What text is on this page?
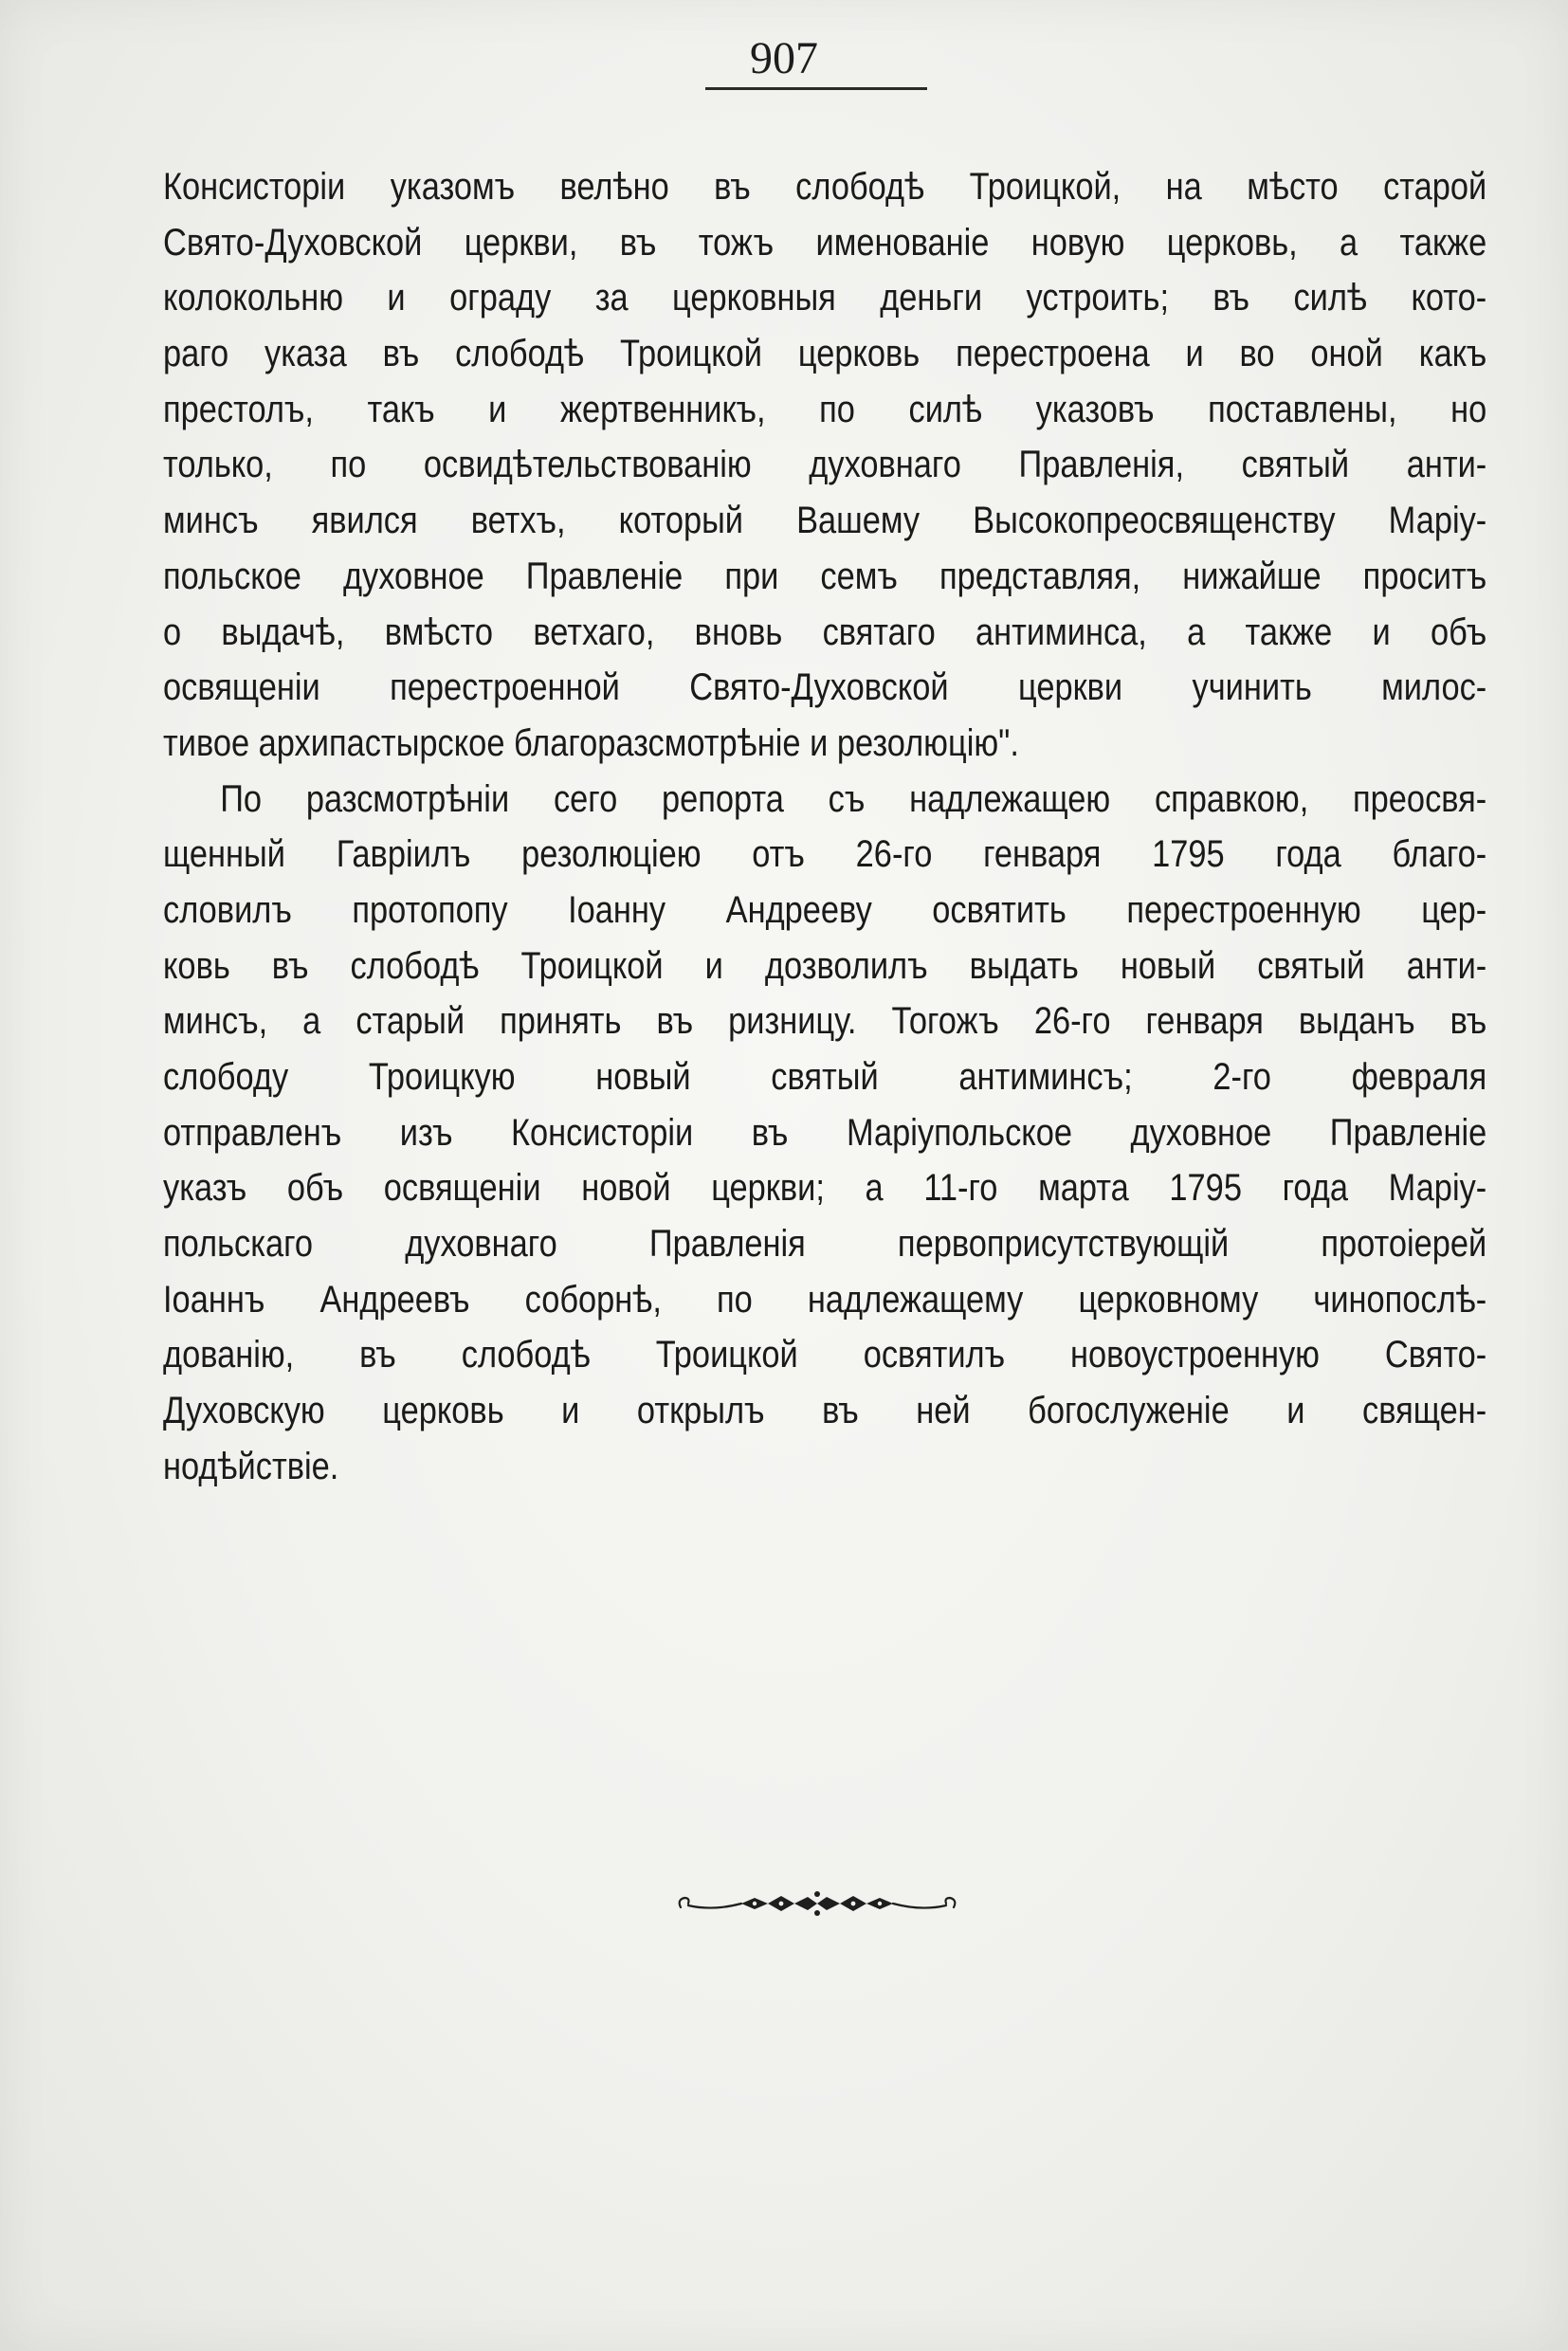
907
Консисторіи указомъ велѣно въ слободѣ Троицкой, на мѣсто старой
Свято-Духовской церкви, въ тожъ именованіе новую церковь, а также
колокольню и ограду за церковныя деньги устроить; въ силѣ кото-
раго указа въ слободѣ Троицкой церковь перестроена и во оной какъ
престолъ, такъ и жертвенникъ, по силѣ указовъ поставлены, но
только, по освидѣтельствованію духовнаго Правленія, святый анти-
минсъ явился ветхъ, который Вашему Высокопреосвященству Маріу-
польское духовное Правленіе при семъ представляя, нижайше проситъ
о выдачѣ, вмѣсто ветхаго, вновь святаго антиминса, а также и объ
освященіи перестроенной Свято-Духовской церкви учинить милос-
тивое архипастырское благоразсмотрѣніе и резолюцію".
По разсмотрѣніи сего репорта съ надлежащею справкою, преосвя-
щенный Гавріилъ резолюціею отъ 26-го генваря 1795 года благо-
словилъ протопопу Іоанну Андрееву освятить перестроенную цер-
ковь въ слободѣ Троицкой и дозволилъ выдать новый святый анти-
минсъ, а старый принять въ ризницу. Тогожъ 26-го генваря выданъ въ
слободу Троицкую новый святый антиминсъ; 2-го февраля
отправленъ изъ Консисторіи въ Маріупольское духовное Правленіе
указъ объ освященіи новой церкви; а 11-го марта 1795 года Маріу-
польскаго духовнаго Правленія первоприсутствующій протоіерей
Іоаннъ Андреевъ соборнѣ, по надлежащему церковному чинопослѣ-
дованію, въ слободѣ Троицкой освятилъ новоустроенную Свято-
Духовскую церковь и открылъ въ ней богослуженіе и священ-
нодѣйствіе.
